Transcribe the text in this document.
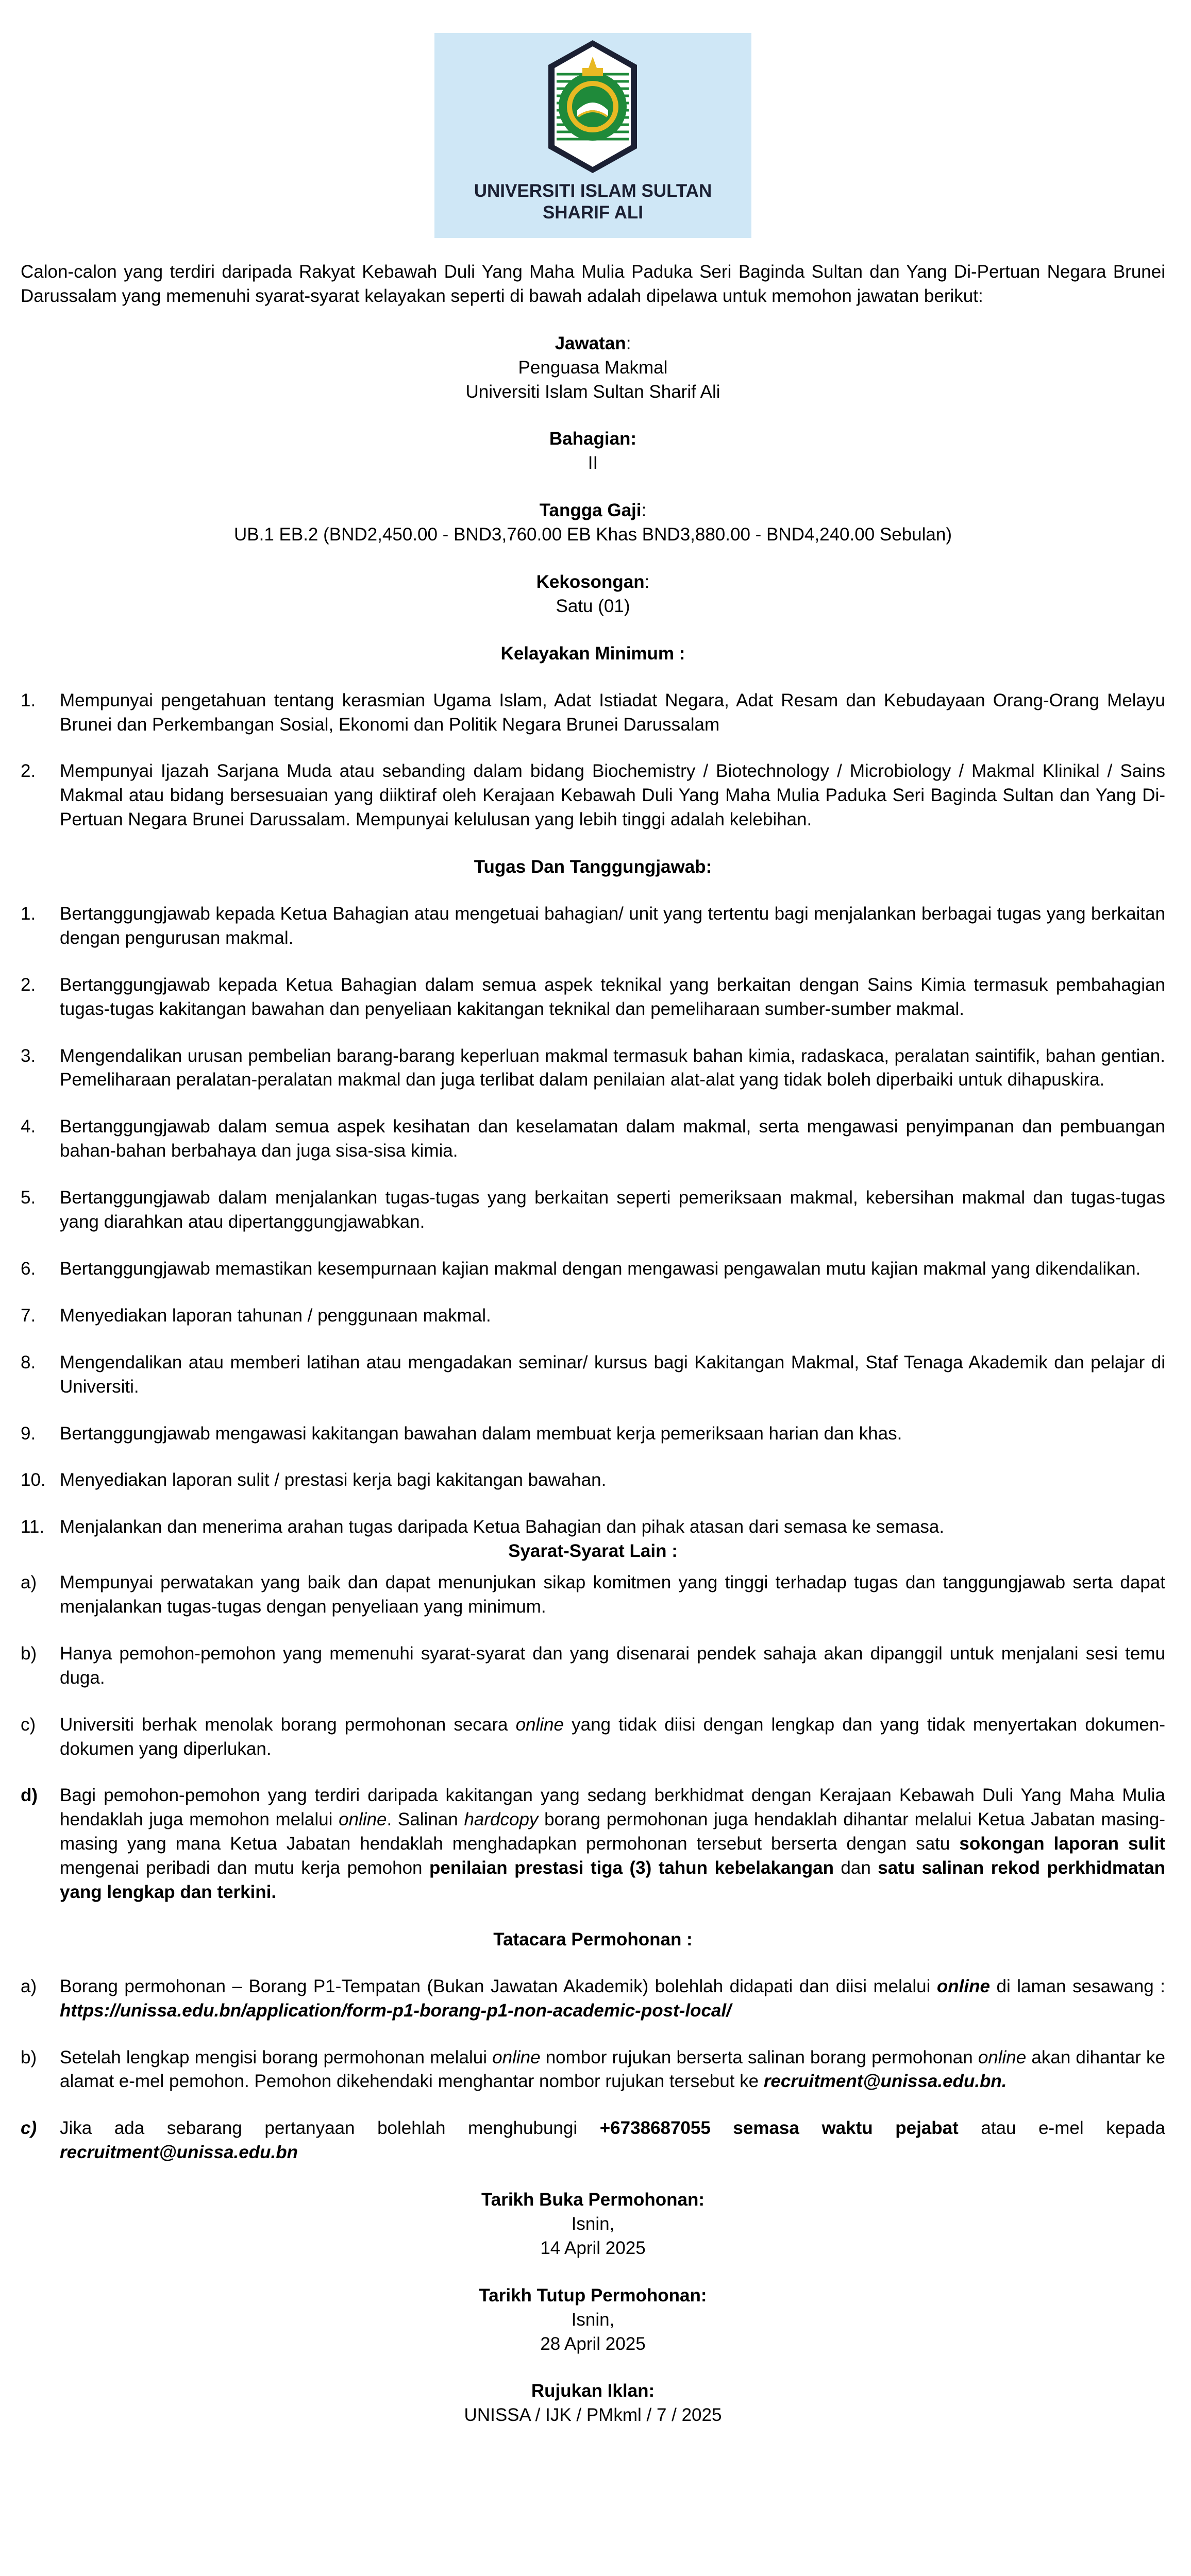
UNIVERSITI ISLAM SULTAN
SHARIF ALI

Calon-calon yang terdiri daripada Rakyat Kebawah Duli Yang Maha Mulia Paduka Seri Baginda Sultan dan Yang Di-Pertuan Negara Brunei Darussalam yang memenuhi syarat-syarat kelayakan seperti di bawah adalah dipelawa untuk memohon jawatan berikut:

Jawatan:

Penguasa Makmal

Universiti Islam Sultan Sharif Ali

Bahagian:

II

Tangga Gaji:

UB.1 EB.2 (BND2,450.00 - BND3,760.00 EB Khas BND3,880.00 - BND4,240.00 Sebulan)

Kekosongan:

Satu (01)

Kelayakan Minimum :

1.	Mempunyai pengetahuan tentang kerasmian Ugama Islam, Adat Istiadat Negara, Adat Resam dan Kebudayaan Orang-Orang Melayu Brunei dan Perkembangan Sosial, Ekonomi dan Politik Negara Brunei Darussalam
2.	Mempunyai Ijazah Sarjana Muda atau sebanding dalam bidang Biochemistry / Biotechnology / Microbiology / Makmal Klinikal / Sains Makmal atau bidang bersesuaian yang diiktiraf oleh Kerajaan Kebawah Duli Yang Maha Mulia Paduka Seri Baginda Sultan dan Yang Di-Pertuan Negara Brunei Darussalam. Mempunyai kelulusan yang lebih tinggi adalah kelebihan.

Tugas Dan Tanggungjawab:

1.	Bertanggungjawab kepada Ketua Bahagian atau mengetuai bahagian/ unit yang tertentu bagi menjalankan berbagai tugas yang berkaitan dengan pengurusan makmal.
2.	Bertanggungjawab kepada Ketua Bahagian dalam semua aspek teknikal yang berkaitan dengan Sains Kimia termasuk pembahagian tugas-tugas kakitangan bawahan dan penyeliaan kakitangan teknikal dan pemeliharaan sumber-sumber makmal.
3.	Mengendalikan urusan pembelian barang-barang keperluan makmal termasuk bahan kimia, radaskaca, peralatan saintifik, bahan gentian. Pemeliharaan peralatan-peralatan makmal dan juga terlibat dalam penilaian alat-alat yang tidak boleh diperbaiki untuk dihapuskira.
4.	Bertanggungjawab dalam semua aspek kesihatan dan keselamatan dalam makmal, serta mengawasi penyimpanan dan pembuangan bahan-bahan berbahaya dan juga sisa-sisa kimia.
5.	Bertanggungjawab dalam menjalankan tugas-tugas yang berkaitan seperti pemeriksaan makmal, kebersihan makmal dan tugas-tugas yang diarahkan atau dipertanggungjawabkan.
6.	Bertanggungjawab memastikan kesempurnaan kajian makmal dengan mengawasi pengawalan mutu kajian makmal yang dikendalikan.
7.	Menyediakan laporan tahunan / penggunaan makmal.
8.	Mengendalikan atau memberi latihan atau mengadakan seminar/ kursus bagi Kakitangan Makmal, Staf Tenaga Akademik dan pelajar di Universiti.
9.	Bertanggungjawab mengawasi kakitangan bawahan dalam membuat kerja pemeriksaan harian dan khas.
10. Menyediakan laporan sulit / prestasi kerja bagi kakitangan bawahan.
11. Menjalankan dan menerima arahan tugas daripada Ketua Bahagian dan pihak atasan dari semasa ke semasa.

Syarat-Syarat Lain :

a)	Mempunyai perwatakan yang baik dan dapat menunjukan sikap komitmen yang tinggi terhadap tugas dan tanggungjawab serta dapat menjalankan tugas-tugas dengan penyeliaan yang minimum.
b)	Hanya pemohon-pemohon yang memenuhi syarat-syarat dan yang disenarai pendek sahaja akan dipanggil untuk menjalani sesi temu duga.
c)	Universiti berhak menolak borang permohonan secara online yang tidak diisi dengan lengkap dan yang tidak menyertakan dokumen-dokumen yang diperlukan.
d)	Bagi pemohon-pemohon yang terdiri daripada kakitangan yang sedang berkhidmat dengan Kerajaan Kebawah Duli Yang Maha Mulia hendaklah juga memohon melalui online. Salinan hardcopy borang permohonan juga hendaklah dihantar melalui Ketua Jabatan masing-masing yang mana Ketua Jabatan hendaklah menghadapkan permohonan tersebut berserta dengan satu sokongan laporan sulit mengenai peribadi dan mutu kerja pemohon penilaian prestasi tiga (3) tahun kebelakangan dan satu salinan rekod perkhidmatan yang lengkap dan terkini.

Tatacara Permohonan :

a)	Borang permohonan – Borang P1-Tempatan (Bukan Jawatan Akademik) bolehlah didapati dan diisi melalui online di laman sesawang : https://unissa.edu.bn/application/form-p1-borang-p1-non-academic-post-local/
b)	Setelah lengkap mengisi borang permohonan melalui online nombor rujukan berserta salinan borang permohonan online akan dihantar ke alamat e-mel pemohon. Pemohon dikehendaki menghantar nombor rujukan tersebut ke recruitment@unissa.edu.bn.
c)	Jika ada sebarang pertanyaan bolehlah menghubungi +6738687055 semasa waktu pejabat atau e-mel kepada recruitment@unissa.edu.bn

Tarikh Buka Permohonan:

Isnin,

14 April 2025

Tarikh Tutup Permohonan:

Isnin,

28 April 2025

Rujukan Iklan:

UNISSA / IJK / PMkml / 7 / 2025
